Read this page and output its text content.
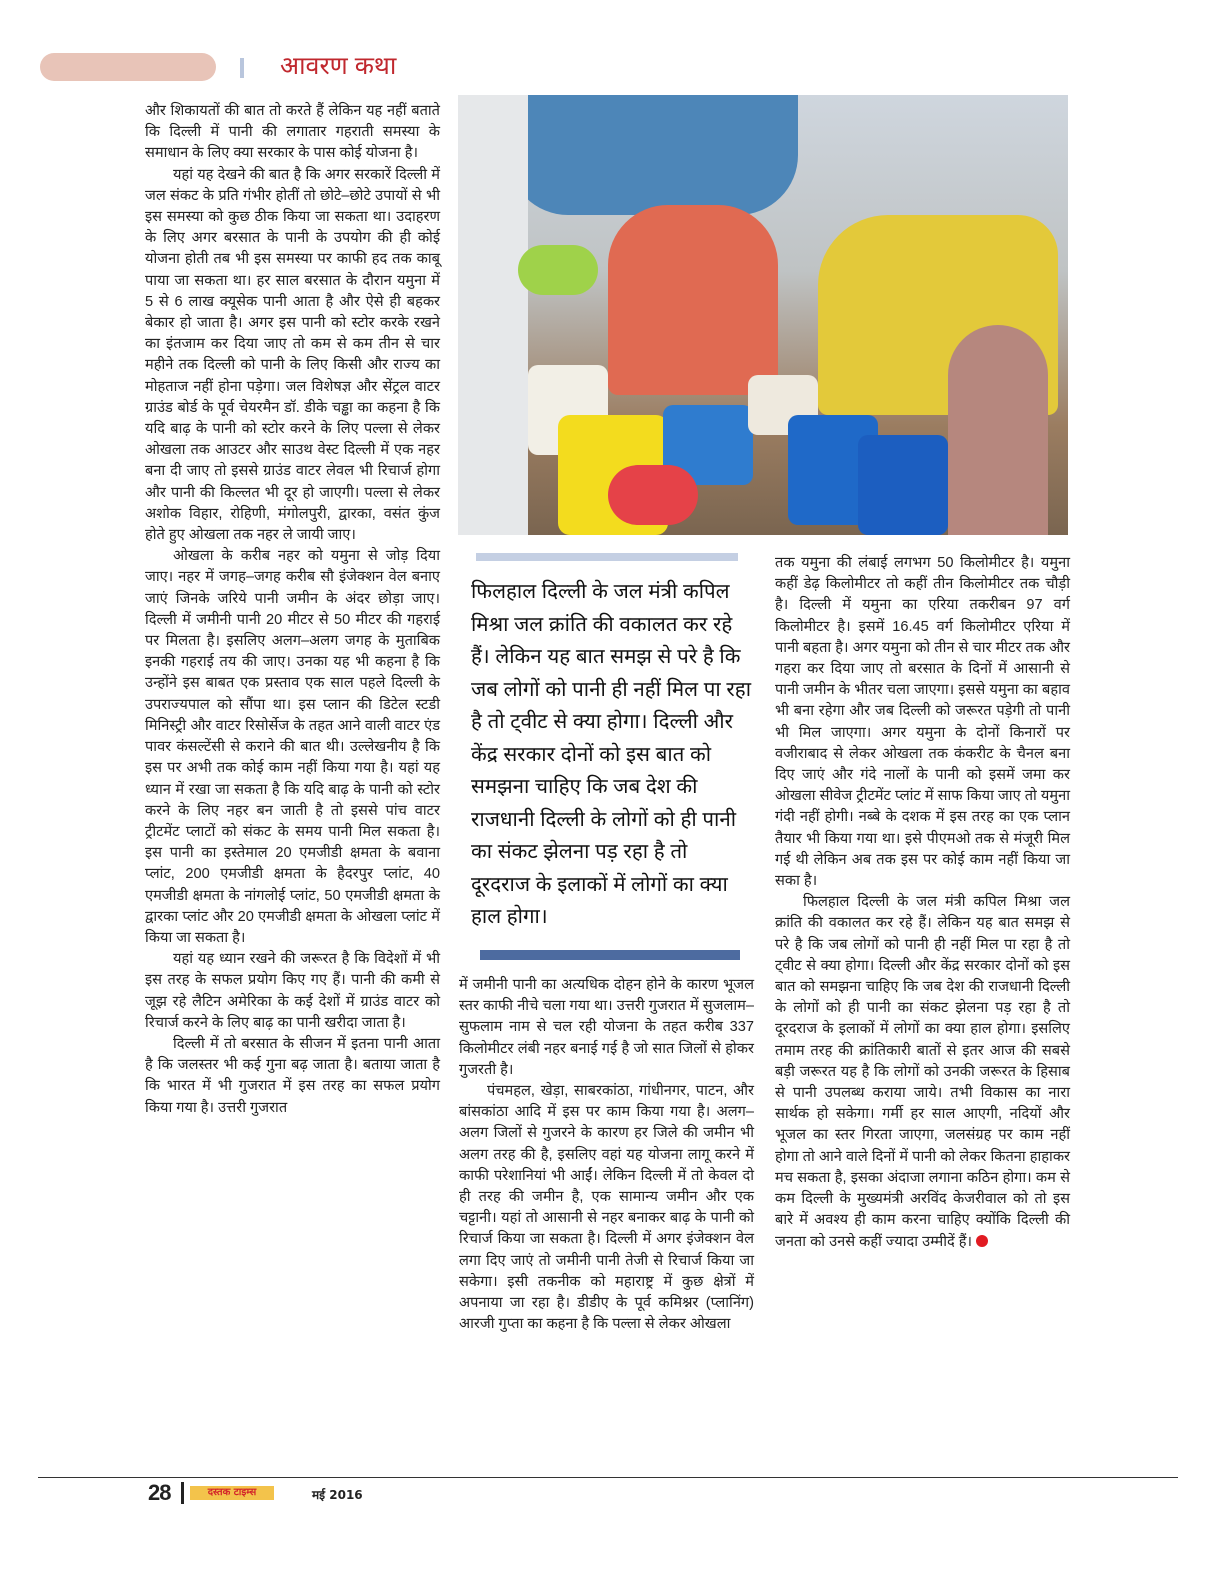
आवरण कथा

और शिकायतों की बात तो करते हैं लेकिन यह नहीं बताते कि दिल्ली में पानी की लगातार गहराती समस्या के समाधान के लिए क्या सरकार के पास कोई योजना है।

यहां यह देखने की बात है कि अगर सरकारें दिल्ली में जल संकट के प्रति गंभीर होतीं तो छोटे–छोटे उपायों से भी इस समस्या को कुछ ठीक किया जा सकता था। उदाहरण के लिए अगर बरसात के पानी के उपयोग की ही कोई योजना होती तब भी इस समस्या पर काफी हद तक काबू पाया जा सकता था। हर साल बरसात के दौरान यमुना में 5 से 6 लाख क्यूसेक पानी आता है और ऐसे ही बहकर बेकार हो जाता है। अगर इस पानी को स्टोर करके रखने का इंतजाम कर दिया जाए तो कम से कम तीन से चार महीने तक दिल्ली को पानी के लिए किसी और राज्य का मोहताज नहीं होना पड़ेगा। जल विशेषज्ञ और सेंट्रल वाटर ग्राउंड बोर्ड के पूर्व चेयरमैन डॉ. डीके चड्ढा का कहना है कि यदि बाढ़ के पानी को स्टोर करने के लिए पल्ला से लेकर ओखला तक आउटर और साउथ वेस्ट दिल्ली में एक नहर बना दी जाए तो इससे ग्राउंड वाटर लेवल भी रिचार्ज होगा और पानी की किल्लत भी दूर हो जाएगी। पल्ला से लेकर अशोक विहार, रोहिणी, मंगोलपुरी, द्वारका, वसंत कुंज होते हुए ओखला तक नहर ले जायी जाए।

ओखला के करीब नहर को यमुना से जोड़ दिया जाए। नहर में जगह–जगह करीब सौ इंजेक्शन वेल बनाए जाएं जिनके जरिये पानी जमीन के अंदर छोड़ा जाए। दिल्ली में जमीनी पानी 20 मीटर से 50 मीटर की गहराई पर मिलता है। इसलिए अलग–अलग जगह के मुताबिक इनकी गहराई तय की जाए। उनका यह भी कहना है कि उन्होंने इस बाबत एक प्रस्ताव एक साल पहले दिल्ली के उपराज्यपाल को सौंपा था। इस प्लान की डिटेल स्टडी मिनिस्ट्री और वाटर रिसोर्सेज के तहत आने वाली वाटर एंड पावर कंसल्टेंसी से कराने की बात थी। उल्लेखनीय है कि इस पर अभी तक कोई काम नहीं किया गया है। यहां यह ध्यान में रखा जा सकता है कि यदि बाढ़ के पानी को स्टोर करने के लिए नहर बन जाती है तो इससे पांच वाटर ट्रीटमेंट प्लाटों को संकट के समय पानी मिल सकता है। इस पानी का इस्तेमाल 20 एमजीडी क्षमता के बवाना प्लांट, 200 एमजीडी क्षमता के हैदरपुर प्लांट, 40 एमजीडी क्षमता के नांगलोई प्लांट, 50 एमजीडी क्षमता के द्वारका प्लांट और 20 एमजीडी क्षमता के ओखला प्लांट में किया जा सकता है।

यहां यह ध्यान रखने की जरूरत है कि विदेशों में भी इस तरह के सफल प्रयोग किए गए हैं। पानी की कमी से जूझ रहे लैटिन अमेरिका के कई देशों में ग्राउंड वाटर को रिचार्ज करने के लिए बाढ़ का पानी खरीदा जाता है।

दिल्ली में तो बरसात के सीजन में इतना पानी आता है कि जलस्तर भी कई गुना बढ़ जाता है। बताया जाता है कि भारत में भी गुजरात में इस तरह का सफल प्रयोग किया गया है। उत्तरी गुजरात

फिलहाल दिल्ली के जल मंत्री कपिल मिश्रा जल क्रांति की वकालत कर रहे हैं। लेकिन यह बात समझ से परे है कि जब लोगों को पानी ही नहीं मिल पा रहा है तो ट्वीट से क्या होगा। दिल्ली और केंद्र सरकार दोनों को इस बात को समझना चाहिए कि जब देश की राजधानी दिल्ली के लोगों को ही पानी का संकट झेलना पड़ रहा है तो दूरदराज के इलाकों में लोगों का क्या हाल होगा।

में जमीनी पानी का अत्यधिक दोहन होने के कारण भूजल स्तर काफी नीचे चला गया था। उत्तरी गुजरात में सुजलाम–सुफलाम नाम से चल रही योजना के तहत करीब 337 किलोमीटर लंबी नहर बनाई गई है जो सात जिलों से होकर गुजरती है।

पंचमहल, खेड़ा, साबरकांठा, गांधीनगर, पाटन, और बांसकांठा आदि में इस पर काम किया गया है। अलग–अलग जिलों से गुजरने के कारण हर जिले की जमीन भी अलग तरह की है, इसलिए वहां यह योजना लागू करने में काफी परेशानियां भी आईं। लेकिन दिल्ली में तो केवल दो ही तरह की जमीन है, एक सामान्य जमीन और एक चट्टानी। यहां तो आसानी से नहर बनाकर बाढ़ के पानी को रिचार्ज किया जा सकता है। दिल्ली में अगर इंजेक्शन वेल लगा दिए जाएं तो जमीनी पानी तेजी से रिचार्ज किया जा सकेगा। इसी तकनीक को महाराष्ट्र में कुछ क्षेत्रों में अपनाया जा रहा है। डीडीए के पूर्व कमिश्नर (प्लानिंग) आरजी गुप्ता का कहना है कि पल्ला से लेकर ओखला

तक यमुना की लंबाई लगभग 50 किलोमीटर है। यमुना कहीं डेढ़ किलोमीटर तो कहीं तीन किलोमीटर तक चौड़ी है। दिल्ली में यमुना का एरिया तकरीबन 97 वर्ग किलोमीटर है। इसमें 16.45 वर्ग किलोमीटर एरिया में पानी बहता है। अगर यमुना को तीन से चार मीटर तक और गहरा कर दिया जाए तो बरसात के दिनों में आसानी से पानी जमीन के भीतर चला जाएगा। इससे यमुना का बहाव भी बना रहेगा और जब दिल्ली को जरूरत पड़ेगी तो पानी भी मिल जाएगा। अगर यमुना के दोनों किनारों पर वजीराबाद से लेकर ओखला तक कंकरीट के चैनल बना दिए जाएं और गंदे नालों के पानी को इसमें जमा कर ओखला सीवेज ट्रीटमेंट प्लांट में साफ किया जाए तो यमुना गंदी नहीं होगी। नब्बे के दशक में इस तरह का एक प्लान तैयार भी किया गया था। इसे पीएमओ तक से मंजूरी मिल गई थी लेकिन अब तक इस पर कोई काम नहीं किया जा सका है।

फिलहाल दिल्ली के जल मंत्री कपिल मिश्रा जल क्रांति की वकालत कर रहे हैं। लेकिन यह बात समझ से परे है कि जब लोगों को पानी ही नहीं मिल पा रहा है तो ट्वीट से क्या होगा। दिल्ली और केंद्र सरकार दोनों को इस बात को समझना चाहिए कि जब देश की राजधानी दिल्ली के लोगों को ही पानी का संकट झेलना पड़ रहा है तो दूरदराज के इलाकों में लोगों का क्या हाल होगा। इसलिए तमाम तरह की क्रांतिकारी बातों से इतर आज की सबसे बड़ी जरूरत यह है कि लोगों को उनकी जरूरत के हिसाब से पानी उपलब्ध कराया जाये। तभी विकास का नारा सार्थक हो सकेगा। गर्मी हर साल आएगी, नदियों और भूजल का स्तर गिरता जाएगा, जलसंग्रह पर काम नहीं होगा तो आने वाले दिनों में पानी को लेकर कितना हाहाकर मच सकता है, इसका अंदाजा लगाना कठिन होगा। कम से कम दिल्ली के मुख्यमंत्री अरविंद केजरीवाल को तो इस बारे में अवश्य ही काम करना चाहिए क्योंकि दिल्ली की जनता को उनसे कहीं ज्यादा उम्मीदें हैं।

28	दस्तक टाइम्स	मई 2016
